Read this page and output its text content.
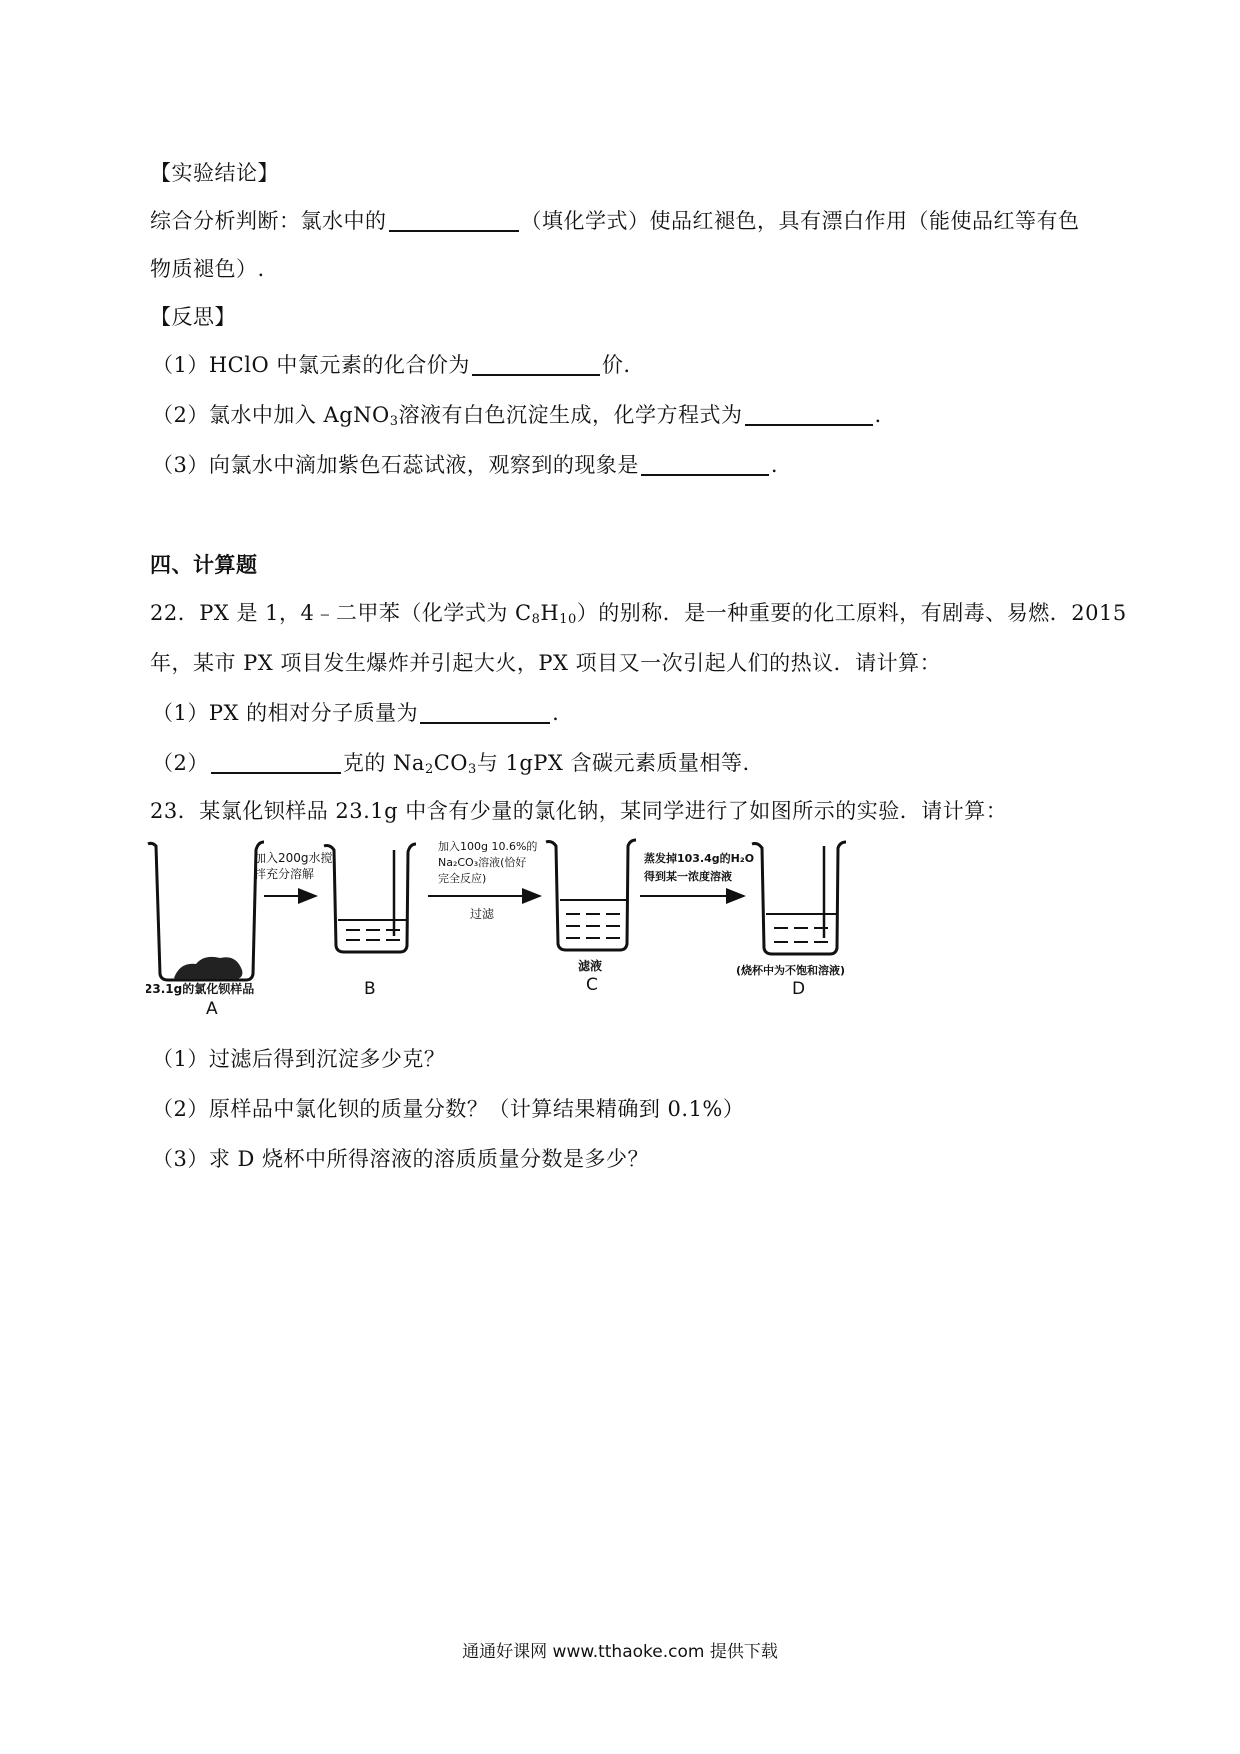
【实验结论】
综合分析判断：氯水中的	（填化学式）使品红褪色，具有漂白作用（能使品红等有色
物质褪色）.
【反思】
（1）HClO 中氯元素的化合价为	价.
（2）氯水中加入 AgNO$_3$溶液有白色沉淀生成，化学方程式为	.
（3）向氯水中滴加紫色石蕊试液，观察到的现象是	.
四、计算题
22．PX 是 1，4﹣二甲苯（化学式为 $C_8H_{10}$）的别称．是一种重要的化工原料，有剧毒、易燃．2015
年，某市 PX 项目发生爆炸并引起大火，PX 项目又一次引起人们的热议．请计算：
（1）PX 的相对分子质量为	.
（2）	克的 $Na_2CO_3$与 1gPX 含碳元素质量相等.
23．某氯化钡样品 23.1g 中含有少量的氯化钠，某同学进行了如图所示的实验．请计算：
23.1g的氯化钡样品
A
加入200g水搅
拌充分溶解
B
加入100g 10.6%的
Na₂CO₃溶液(恰好
完全反应)
过滤
滤液
C
蒸发掉103.4g的H₂O
得到某一浓度溶液
(烧杯中为不饱和溶液)
D
（1）过滤后得到沉淀多少克？
（2）原样品中氯化钡的质量分数？（计算结果精确到 0.1%）
（3）求 D 烧杯中所得溶液的溶质质量分数是多少？
通通好课网 www.tthaoke.com 提供下载
